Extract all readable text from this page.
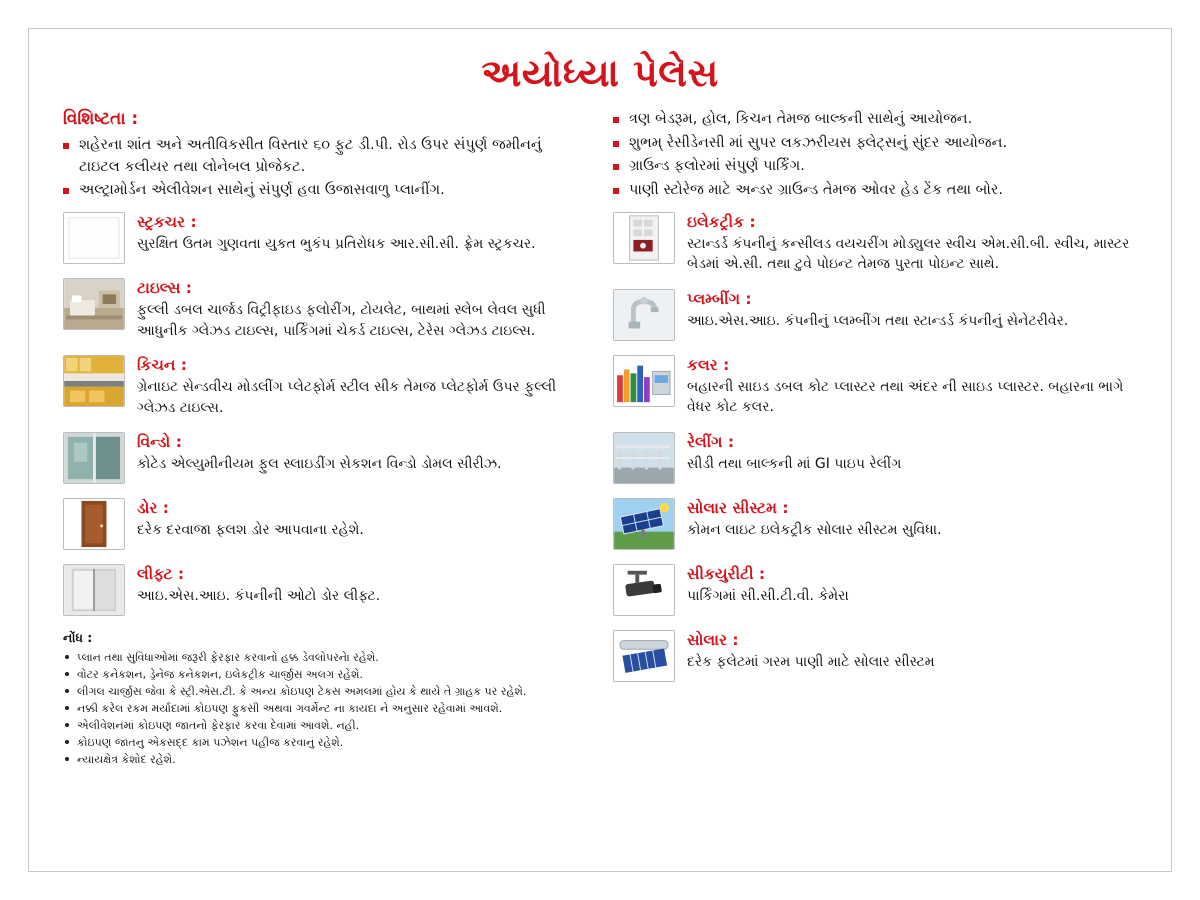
અયોધ્યા પેલેસ
વિશિષ્ટતા :
શહેરના શાંત અને અતીવિકસીત વિસ્તાર ૬૦ ફુટ ડી.પી. રોડ ઉપર સંપુર્ણ જમીનનું ટાઇટલ કલીયર તથા લોનેબલ પ્રોજેકટ.
અલ્ટ્રામોર્ડન એલીવેશન સાથેનું સંપુર્ણ હવા ઉજાસવાળુ પ્લાનીંગ.
સ્ટ્રકચર :
સુરક્ષિત ઉતમ ગુણવતા યુકત ભુકંપ પ્રતિરોધક આર.સી.સી. ફ્રેમ સ્ટ્રકચર.
ટાઇલ્સ :
ફુલ્લી ડબલ ચાર્જડ વિટ્રીફાઇડ ફલોરીંગ, ટોયલેટ, બાથમાં સ્લેબ લેવલ સુધી આધુનીક ગ્લેઝડ ટાઇલ્સ, પાર્કિંગમાં ચેકર્ડ ટાઇલ્સ, ટેરેસ ગ્લેઝડ ટાઇલ્સ.
કિચન :
ગ્રેનાઇટ સેન્ડવીચ મોડલીંગ પ્લેટફોર્મ સ્ટીલ સીક તેમજ પ્લેટફોર્મ ઉપર ફુલ્લી ગ્લેઝડ ટાઇલ્સ.
વિન્ડો :
કોટેડ એલ્યુમીનીયમ ફુલ સ્લાઇડીંગ સેકશન વિન્ડો ડોમલ સીરીઝ.
ડોર :
દરેક દરવાજા ફલશ ડોર આપવાના રહેશે.
લીફ્ટ :
આઇ.એસ.આઇ. કંપનીની ઓટો ડોર લીફ્ટ.
નોંધ :
પ્લાન તથા સુવિધાઓમાં જરૂરી ફેરફાર કરવાનો હક્ક ડેવલોપરનેા રહેશે.
વોટર કનેકશન, ડ્રેનેજ કનેકશન, ઇલેકટ્રીક ચાર્જીસ અલગ રહેશે.
લીગલ ચાર્જીસ જેવા કે સ્ટ્રી.એસ.ટી. કે અન્ય કોઇપણ ટેકસ અમલમાં હોય કે થાયે તે ગ્રાહક પર રહેશે.
નક્કી કરેલ રકમ મર્યાદામાં કોઇપણ ફુકસી અથવા ગવર્મેન્ટ ના કાયદા ને અનુસાર રહેવામાં આવશે.
એલીવેશનમાં કોઇપણ જાતનો ફેરફાર કરવા દેવામાં આવશે. નહી.
કોઇપણ જાતનુ એકસદ્દ કામ પઝેશન પહીજ કરવાનું રહેશે.
ન્યાયક્ષેત્ર કેશોદ રહેશે.
ત્રણ બેડરૂમ, હોલ, કિચન તેમજ બાલ્કની સાથેનું આયોજન.
શુભમ્ રેસીડેનસી માં સુપર લકઝરીયસ ફ્લેટ્સનું સુંદર આયોજન.
ગ્રાઉન્ડ ફલોરમાં સંપુર્ણ પાર્કિંગ.
પાણી સ્ટોરેજ માટે અન્ડર ગ્રાઉન્ડ તેમજ ઓવર હેડ ટેંક તથા બોર.
ઇલેકટ્રીક :
સ્ટાન્ડર્ડ કંપનીનું કન્સીલડ વયચરીંગ મોડ્યુલર સ્વીચ એમ.સી.બી. સ્વીચ, માસ્ટર બેડમાં એ.સી. તથા ટુવે પોઇન્ટ તેમજ પુરતા પોઇન્ટ સાથે.
પ્લમ્બીંગ :
આઇ.એસ.આઇ. કંપનીનું પ્લમ્બીંગ તથા સ્ટાન્ડર્ડ કંપનીનું સેનેટરીવેર.
કલર :
બહારની સાઇડ ડબલ કોટ પ્લાસ્ટર તથા અંદર ની સાઇડ પ્લાસ્ટર. બહારના ભાગે વેધર કોટ કલર.
રેલીંગ :
સીડી તથા બાલ્કની માં GI પાઇપ રેલીંગ
સોલાર સીસ્ટમ :
કોમન લાઇટ ઇલેકટ્રીક સોલાર સીસ્ટમ સુવિધા.
સીકયુરીટી :
પાર્કિંગમાં સી.સી.ટી.વી. કેમેરા
સોલાર :
દરેક ફલેટમાં ગરમ પાણી માટે સોલાર સીસ્ટમ
